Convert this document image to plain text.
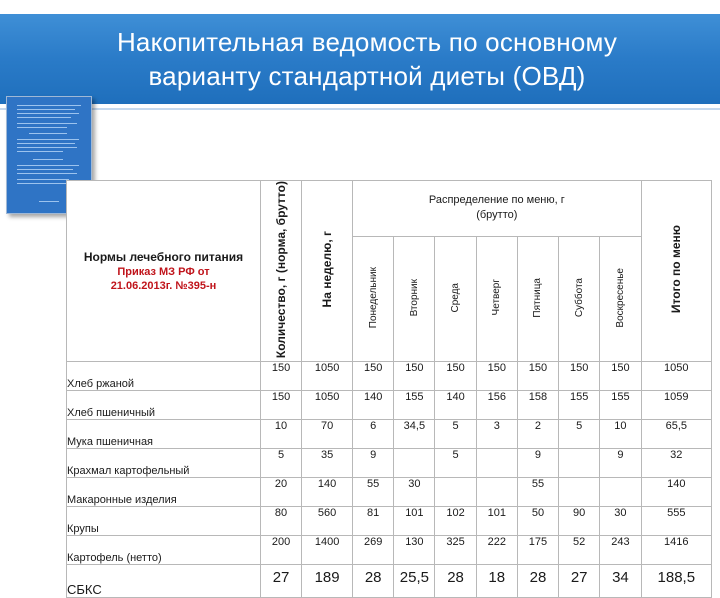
Накопительная ведомость по основному
варианту стандартной диеты (ОВД)
Нормы лечебного питания
Приказ МЗ РФ от
21.06.2013г. №395-н	Количество, г (норма, брутто)	На неделю, г	Распределение по меню, г
(брутто)							Итого по меню
			Понедельник	Вторник	Среда	Четверг	Пятница	Суббота	Воскресенье	
Хлеб ржаной	150	1050	150	150	150	150	150	150	150	1050
Хлеб пшеничный	150	1050	140	155	140	156	158	155	155	1059
Мука пшеничная	10	70	6	34,5	5	3	2	5	10	65,5
Крахмал картофельный	5	35	9		5		9		9	32
Макаронные изделия	20	140	55	30			55			140
Крупы	80	560	81	101	102	101	50	90	30	555
Картофель (нетто)	200	1400	269	130	325	222	175	52	243	1416
СБКС	27	189	28	25,5	28	18	28	27	34	188,5
